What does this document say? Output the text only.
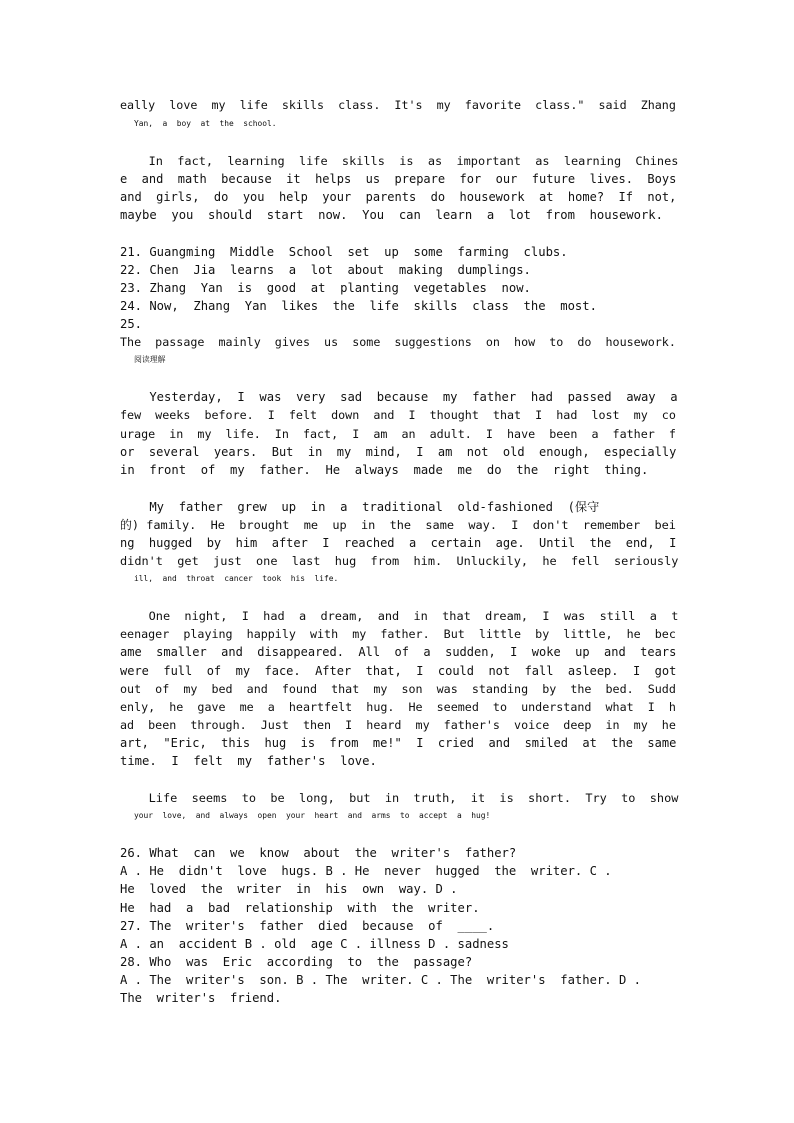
eally  love  my  life  skills  class.  It's  my  favorite  class."  said  Zhang
Yan,  a  boy  at  the  school.
In  fact,  learning  life  skills  is  as  important  as  learning  Chines
e  and  math  because  it  helps  us  prepare  for  our  future  lives.  Boys
and  girls,  do  you  help  your  parents  do  housework  at  home?  If  not,
maybe  you  should  start  now.  You  can  learn  a  lot  from  housework.
21. Guangming  Middle  School  set  up  some  farming  clubs.
22. Chen  Jia  learns  a  lot  about  making  dumplings.
23. Zhang  Yan  is  good  at  planting  vegetables  now.
24. Now,  Zhang  Yan  likes  the  life  skills  class  the  most.
25.
The  passage  mainly  gives  us  some  suggestions  on  how  to  do  housework.
阅读理解
Yesterday,  I  was  very  sad  because  my  father  had  passed  away  a
few  weeks  before.  I  felt  down  and  I  thought  that  I  had  lost  my  co
urage  in  my  life.  In  fact,  I  am  an  adult.  I  have  been  a  father  f
or  several  years.  But  in  my  mind,  I  am  not  old  enough,  especially
in  front  of  my  father.  He  always  made  me  do  the  right  thing.
My  father  grew  up  in  a  traditional  old-fashioned  (保守
的) family.  He  brought  me  up  in  the  same  way.  I  don't  remember  bei
ng  hugged  by  him  after  I  reached  a  certain  age.  Until  the  end,  I
didn't  get  just  one  last  hug  from  him.  Unluckily,  he  fell  seriously
ill,  and  throat  cancer  took  his  life.
One  night,  I  had  a  dream,  and  in  that  dream,  I  was  still  a  t
eenager  playing  happily  with  my  father.  But  little  by  little,  he  bec
ame  smaller  and  disappeared.  All  of  a  sudden,  I  woke  up  and  tears
were  full  of  my  face.  After  that,  I  could  not  fall  asleep.  I  got
out  of  my  bed  and  found  that  my  son  was  standing  by  the  bed.  Sudd
enly,  he  gave  me  a  heartfelt  hug.  He  seemed  to  understand  what  I  h
ad  been  through.  Just  then  I  heard  my  father's  voice  deep  in  my  he
art,  "Eric,  this  hug  is  from  me!"  I  cried  and  smiled  at  the  same
time.  I  felt  my  father's  love.
Life  seems  to  be  long,  but  in  truth,  it  is  short.  Try  to  show
your  love,  and  always  open  your  heart  and  arms  to  accept  a  hug!
26. What  can  we  know  about  the  writer's  father?
A . He  didn't  love  hugs. B . He  never  hugged  the  writer. C .
He  loved  the  writer  in  his  own  way. D .
He  had  a  bad  relationship  with  the  writer.
27. The  writer's  father  died  because  of  ____.
A . an  accident B . old  age C . illness D . sadness
28. Who  was  Eric  according  to  the  passage?
A . The  writer's  son. B . The  writer. C . The  writer's  father. D .
The  writer's  friend.
